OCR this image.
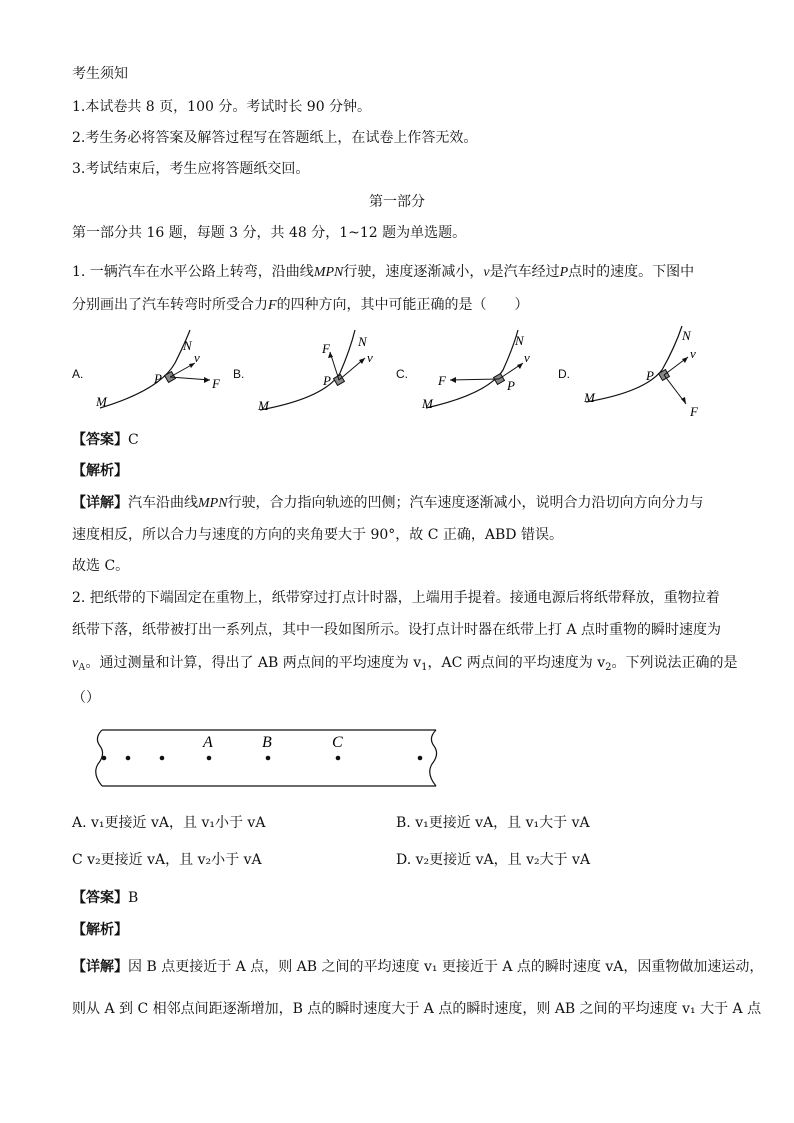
考生须知
1.本试卷共 8 页，100 分。考试时长 90 分钟。
2.考生务必将答案及解答过程写在答题纸上，在试卷上作答无效。
3.考试结束后，考生应将答题纸交回。
第一部分
第一部分共 16 题，每题 3 分，共 48 分，1~12 题为单选题。
1. 一辆汽车在水平公路上转弯，沿曲线MPN行驶，速度逐渐减小，v是汽车经过P点时的速度。下图中
分别画出了汽车转弯时所受合力F的四种方向，其中可能正确的是（　　）
A.
N
v
P	F
M
B.
N
v
F
P
M
C.
N
v
F	P
M
D.
N
v
P
F
M
【答案】C
【解析】
【详解】汽车沿曲线MPN行驶，合力指向轨迹的凹侧；汽车速度逐渐减小，说明合力沿切向方向分力与
速度相反，所以合力与速度的方向的夹角要大于 90°，故 C 正确，ABD 错误。
故选 C。
2. 把纸带的下端固定在重物上，纸带穿过打点计时器，上端用手提着。接通电源后将纸带释放，重物拉着
纸带下落，纸带被打出一系列点，其中一段如图所示。设打点计时器在纸带上打 A 点时重物的瞬时速度为
$v_A$。通过测量和计算，得出了 AB 两点间的平均速度为 $v_1$，AC 两点间的平均速度为 $v_2$。下列说法正确的是
（）
A	B	C
A. v₁更接近 vA，且 v₁小于 vA	B. v₁更接近 vA，且 v₁大于 vA
C v₂更接近 vA，且 v₂小于 vA	D. v₂更接近 vA，且 v₂大于 vA
【答案】B
【解析】
【详解】因 B 点更接近于 A 点，则 AB 之间的平均速度 v₁ 更接近于 A 点的瞬时速度 vA，因重物做加速运动，
则从 A 到 C 相邻点间距逐渐增加，B 点的瞬时速度大于 A 点的瞬时速度，则 AB 之间的平均速度 v₁ 大于 A 点
